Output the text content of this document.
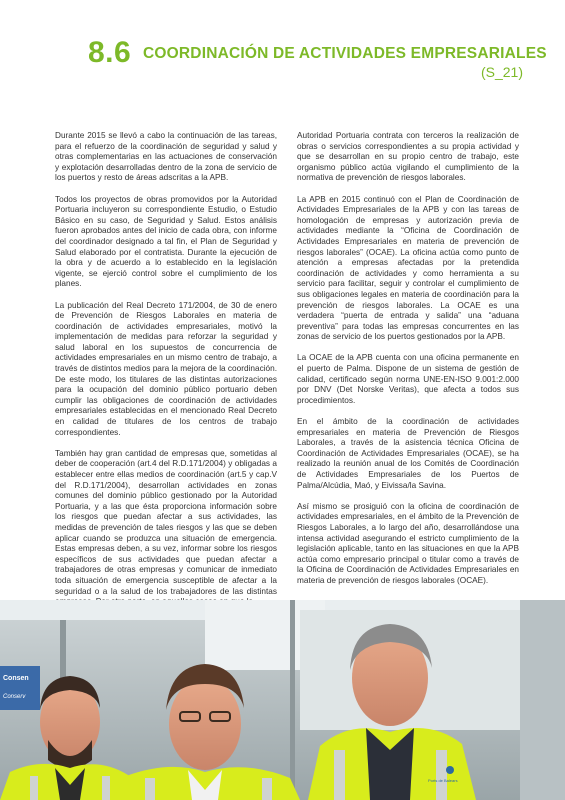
8.6 COORDINACIÓN DE ACTIVIDADES EMPRESARIALES
(S_21)

Durante 2015 se llevó a cabo la continuación de las tareas, para el refuerzo de la coordinación de seguridad y salud y otras complementarias en las actuaciones de conservación y explotación desarrolladas dentro de la zona de servicio de los puertos y resto de áreas adscritas a la APB.

Todos los proyectos de obras promovidos por la Autoridad Portuaria incluyeron su correspondiente Estudio, o Estudio Básico en su caso, de Seguridad y Salud. Estos análisis fueron aprobados antes del inicio de cada obra, con informe del coordinador designado a tal fin, el Plan de Seguridad y Salud elaborado por el contratista. Durante la ejecución de la obra y de acuerdo a lo establecido en la legislación vigente, se ejerció control sobre el cumplimiento de los planes.

La publicación del Real Decreto 171/2004, de 30 de enero de Prevención de Riesgos Laborales en materia de coordinación de actividades empresariales, motivó la implementación de medidas para reforzar la seguridad y salud laboral en los supuestos de concurrencia de actividades empresariales en un mismo centro de trabajo, a través de distintos medios para la mejora de la coordinación. De este modo, los titulares de las distintas autorizaciones para la ocupación del dominio público portuario deben cumplir las obligaciones de coordinación de actividades empresariales establecidas en el mencionado Real Decreto en calidad de titulares de los centros de trabajo correspondientes.

También hay gran cantidad de empresas que, sometidas al deber de cooperación (art.4 del R.D.171/2004) y obligadas a establecer entre ellas medios de coordinación (art.5 y cap.V del R.D.171/2004), desarrollan actividades en zonas comunes del dominio público gestionado por la Autoridad Portuaria, y a las que ésta proporciona información sobre los riesgos que puedan afectar a sus actividades, las medidas de prevención de tales riesgos y las que se deben aplicar cuando se produzca una situación de emergencia. Estas empresas deben, a su vez, informar sobre los riesgos específicos de sus actividades que puedan afectar a trabajadores de otras empresas y comunicar de inmediato toda situación de emergencia susceptible de afectar a la seguridad o a la salud de los trabajadores de las distintas

Autoridad Portuaria contrata con terceros la realización de obras o servicios correspondientes a su propia actividad y que se desarrollan en su propio centro de trabajo, este organismo público actúa vigilando el cumplimiento de la normativa de prevención de riesgos laborales.

La APB en 2015 continuó con el Plan de Coordinación de Actividades Empresariales de la APB y con las tareas de homologación de empresas y autorización previa de actividades mediante la “Oficina de Coordinación de Actividades Empresariales en materia de prevención de riesgos laborales” (OCAE). La oficina actúa como punto de atención a empresas afectadas por la pretendida coordinación de actividades y como herramienta a su servicio para facilitar, seguir y controlar el cumplimiento de sus obligaciones legales en materia de coordinación para la prevención de riesgos laborales. La OCAE es una verdadera “puerta de entrada y salida” una “aduana preventiva” para todas las empresas concurrentes en las zonas de servicio de los puertos gestionados por la APB.

La OCAE de la APB cuenta con una oficina permanente en el puerto de Palma. Dispone de un sistema de gestión de calidad, certificado según norma UNE-EN-ISO 9.001:2.000 por DNV (Det Norske Veritas), que afecta a todos sus procedimientos.

En el ámbito de la coordinación de actividades empresariales en materia de Prevención de Riesgos Laborales, a través de la asistencia técnica Oficina de Coordinación de Actividades Empresariales (OCAE), se ha realizado la reunión anual de los Comités de Coordinación de Actividades Empresariales de los Puertos de Palma/Alcúdia, Maó, y Eivissa/la Savina.

Así mismo se prosiguió con la oficina de coordinación de actividades empresariales, en el ámbito de la Prevención de Riesgos Laborales, a lo largo del año, desarrollándose una intensa actividad asegurando el estricto cumplimiento de la legislación aplicable, tanto en las situaciones en que la APB actúa como empresario principal o titular como a través de la Oficina de Coordinación de Actividades Empresariales en materia de prevención de riesgos laborales (OCAE).

Consen
Conserv
Ports de Balears
